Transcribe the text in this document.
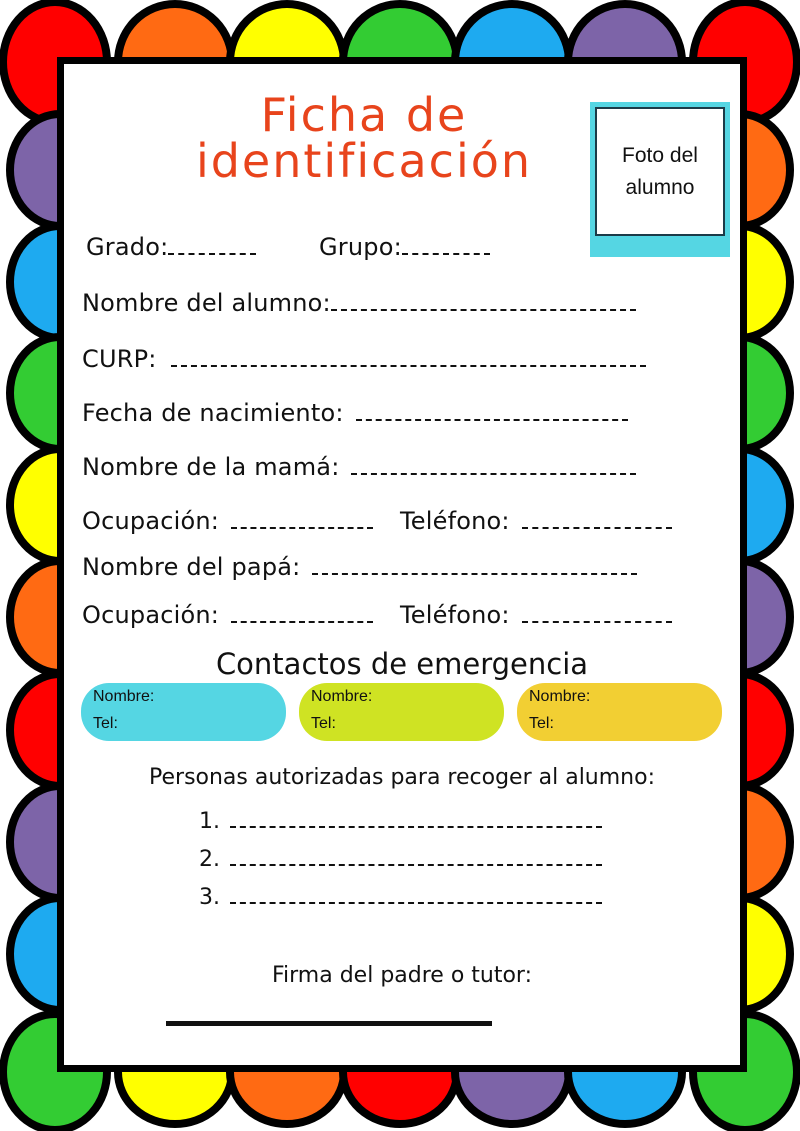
Ficha de
identificación	Foto del
alumno
Grado:	Grupo:
Nombre del alumno:
CURP:
Fecha de nacimiento:
Nombre de la mamá:
Ocupación:	Teléfono:
Nombre del papá:
Ocupación:	Teléfono:
Contactos de emergencia
Nombre:
Tel:
Nombre:
Tel:
Nombre:
Tel:
Personas autorizadas para recoger al alumno:
1.
2.
3.
Firma del padre o tutor:
